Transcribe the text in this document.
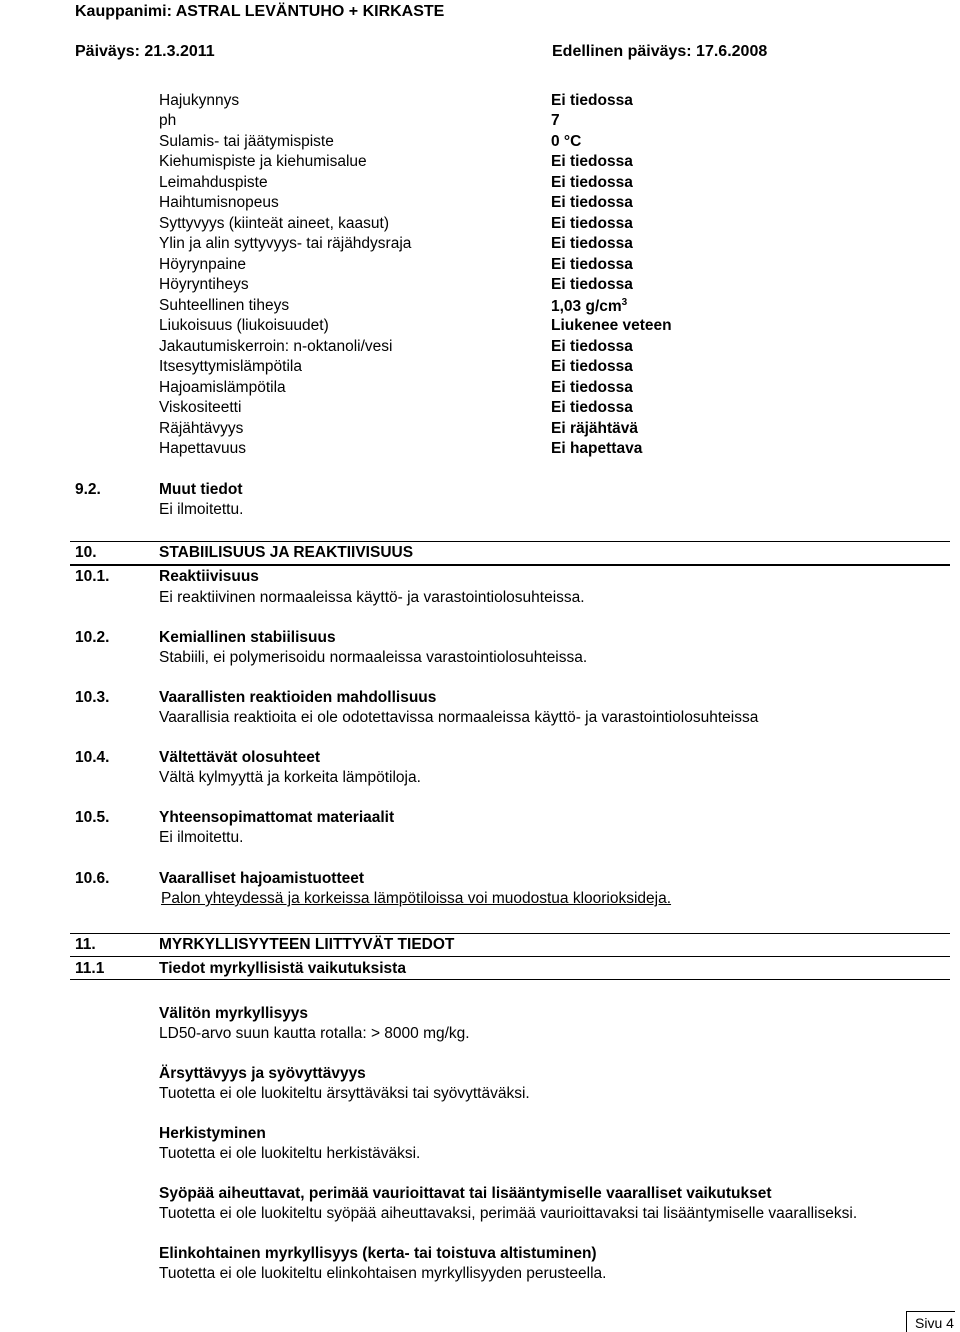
Kauppanimi: ASTRAL LEVÄNTUHO + KIRKASTE
Päiväys: 21.3.2011	Edellinen päiväys: 17.6.2008
Hajukynnys	Ei tiedossa
ph	7
Sulamis- tai jäätymispiste	0 °C
Kiehumispiste ja kiehumisalue	Ei tiedossa
Leimahduspiste	Ei tiedossa
Haihtumisnopeus	Ei tiedossa
Syttyvyys (kiinteät aineet, kaasut)	Ei tiedossa
Ylin ja alin syttyvyys- tai räjähdysraja	Ei tiedossa
Höyrynpaine	Ei tiedossa
Höyryntiheys	Ei tiedossa
Suhteellinen tiheys	1,03 $g/cm^3$
Liukoisuus (liukoisuudet)	Liukenee veteen
Jakautumiskerroin: n-oktanoli/vesi	Ei tiedossa
Itsesyttymislämpötila	Ei tiedossa
Hajoamislämpötila	Ei tiedossa
Viskositeetti	Ei tiedossa
Räjähtävyys	Ei räjähtävä
Hapettavuus	Ei hapettava
9.2.	Muut tiedot
Ei ilmoitettu.
10.	STABIILISUUS JA REAKTIIVISUUS
10.1.	Reaktiivisuus
Ei reaktiivinen normaaleissa käyttö- ja varastointiolosuhteissa.
10.2.	Kemiallinen stabiilisuus
Stabiili, ei polymerisoidu normaaleissa varastointiolosuhteissa.
10.3.	Vaarallisten reaktioiden mahdollisuus
Vaarallisia reaktioita ei ole odotettavissa normaaleissa käyttö- ja varastointiolosuhteissa
10.4.	Vältettävät olosuhteet
Vältä kylmyyttä ja korkeita lämpötiloja.
10.5.	Yhteensopimattomat materiaalit
Ei ilmoitettu.
10.6.	Vaaralliset hajoamistuotteet
Palon yhteydessä ja korkeissa lämpötiloissa voi muodostua kloorioksideja.
11.	MYRKYLLISYYTEEN LIITTYVÄT TIEDOT
11.1	Tiedot myrkyllisistä vaikutuksista
Välitön myrkyllisyys
LD50-arvo suun kautta rotalla: > 8000 mg/kg.
Ärsyttävyys ja syövyttävyys
Tuotetta ei ole luokiteltu ärsyttäväksi tai syövyttäväksi.
Herkistyminen
Tuotetta ei ole luokiteltu herkistäväksi.
Syöpää aiheuttavat, perimää vaurioittavat tai lisääntymiselle vaaralliset vaikutukset
Tuotetta ei ole luokiteltu syöpää aiheuttavaksi, perimää vaurioittavaksi tai lisääntymiselle vaaralliseksi.
Elinkohtainen myrkyllisyys (kerta- tai toistuva altistuminen)
Tuotetta ei ole luokiteltu elinkohtaisen myrkyllisyyden perusteella.
Sivu 4
